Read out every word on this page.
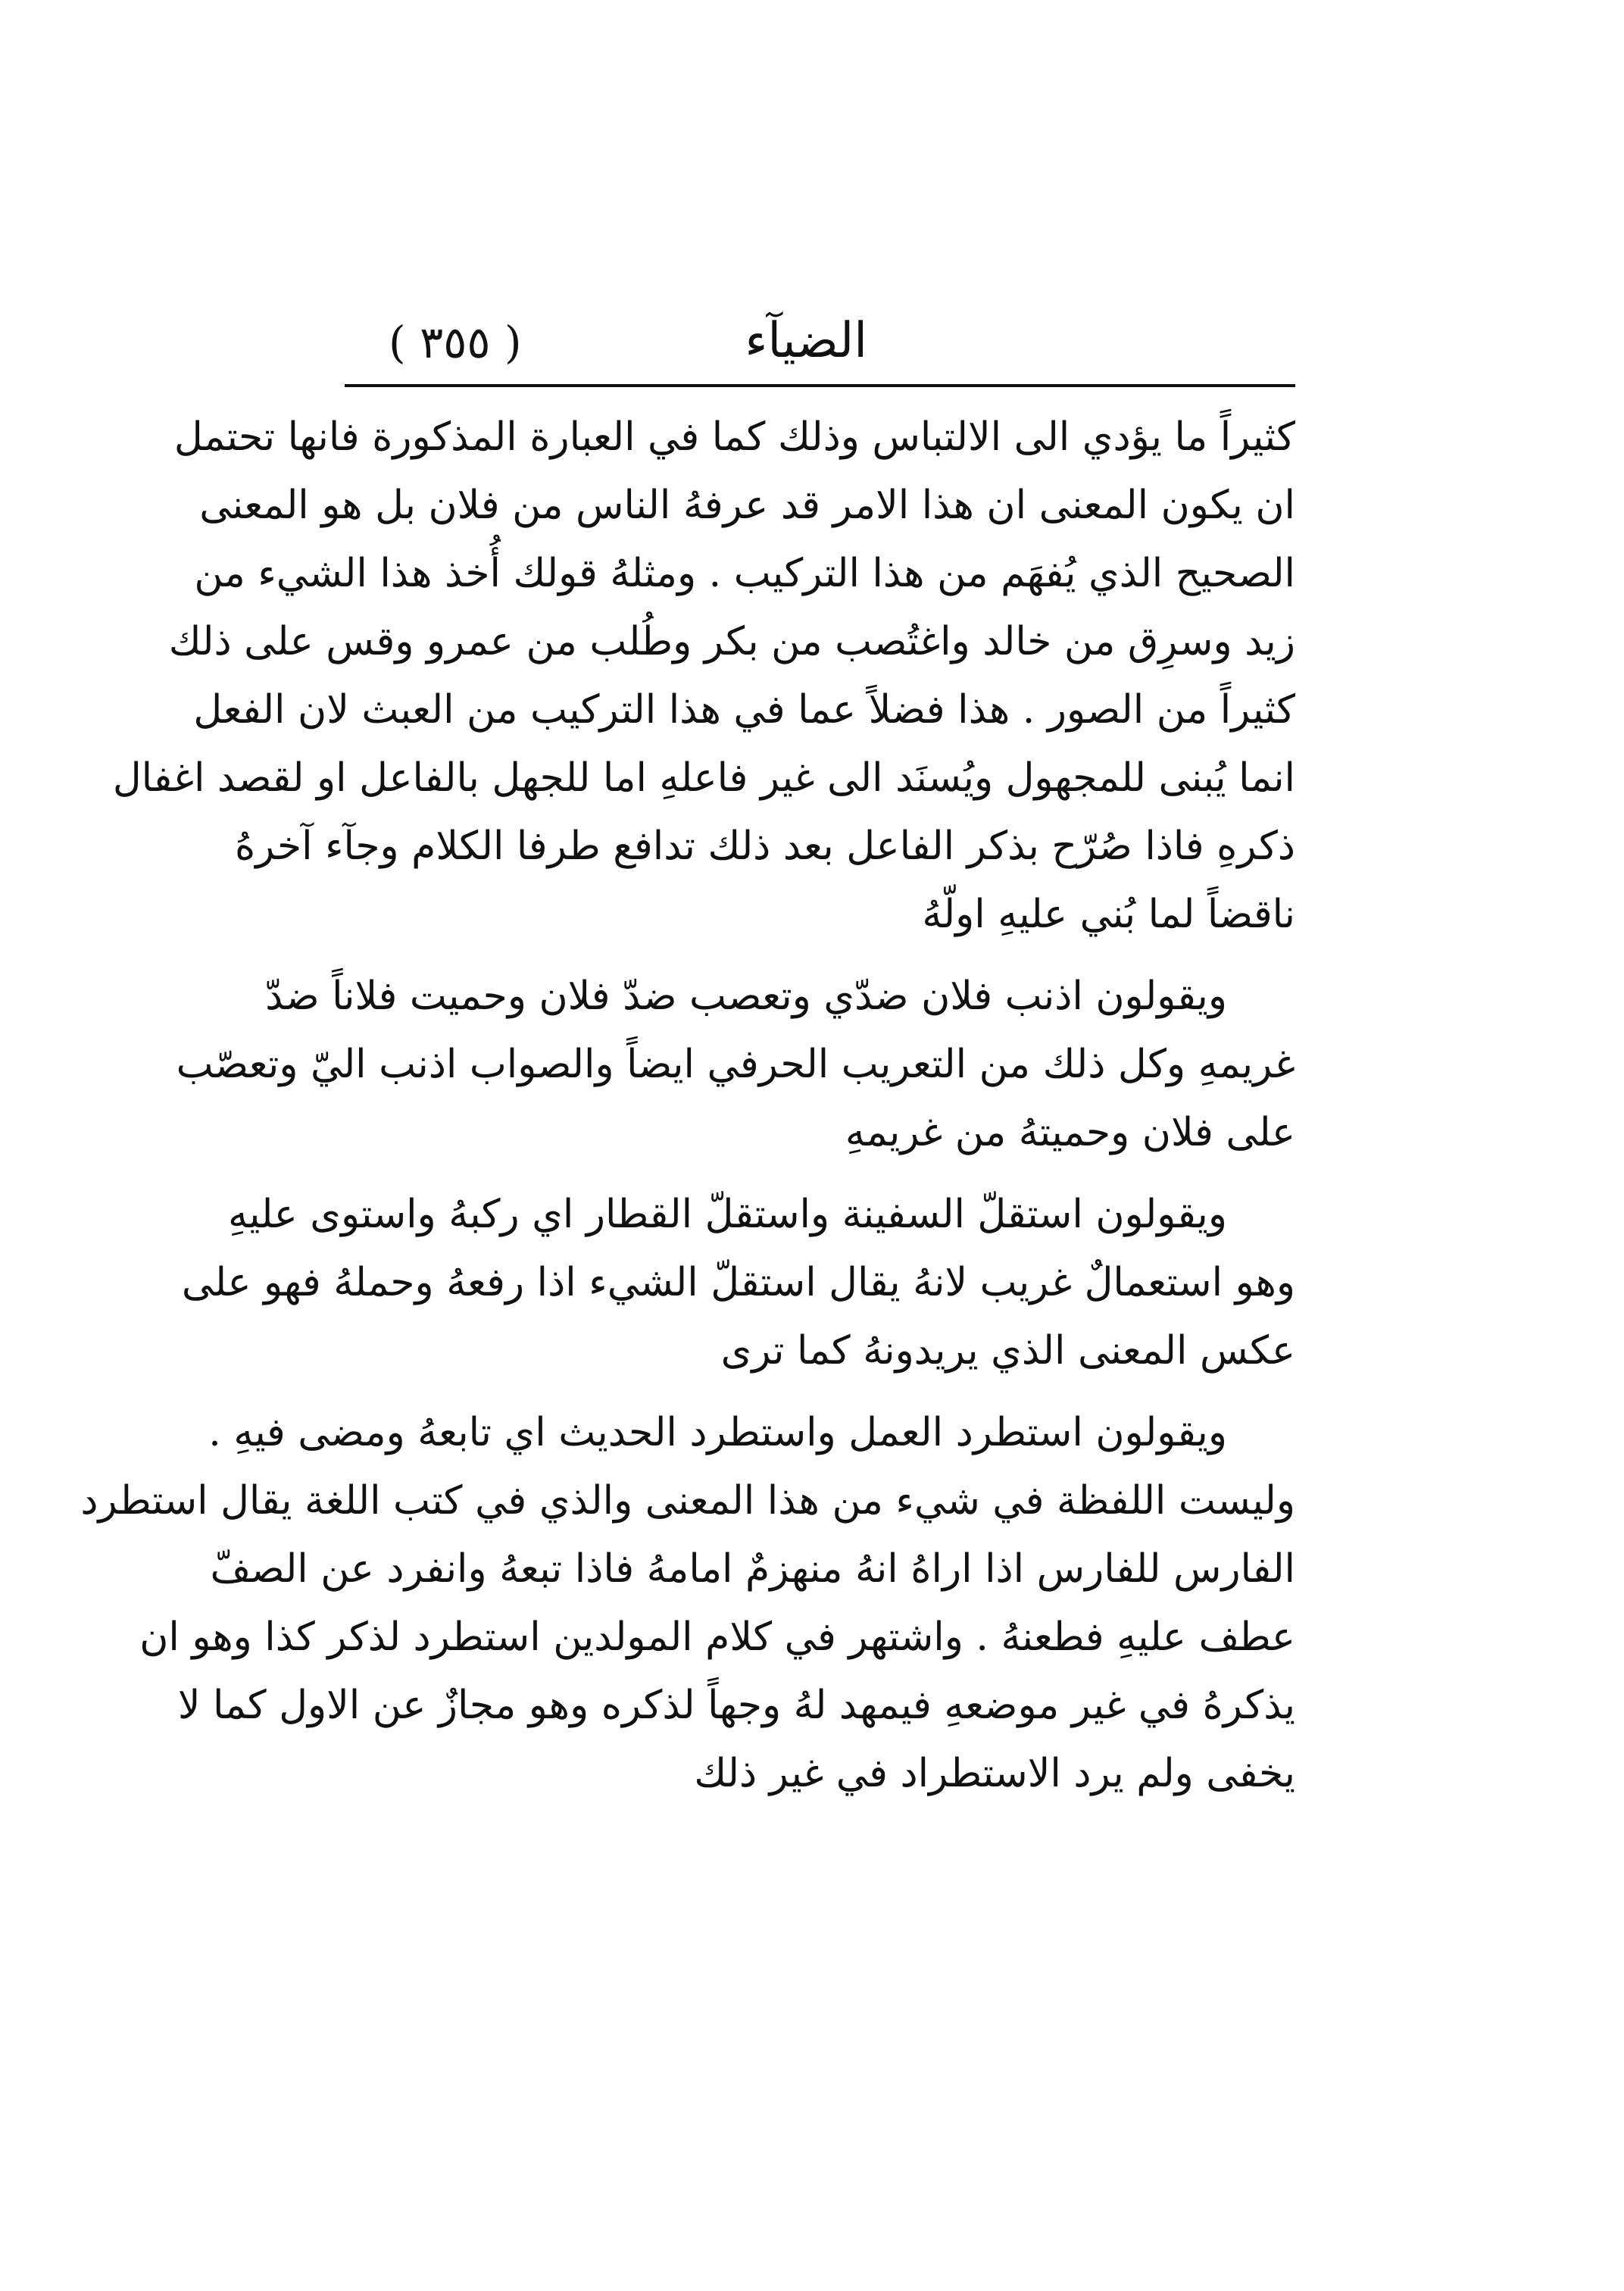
الضيآء
( ٣٥٥ )
كثيراً ما يؤدي الى الالتباس وذلك كما في العبارة المذكورة فانها تحتمل
ان يكون المعنى ان هذا الامر قد عرفهُ الناس من فلان بل هو المعنى
الصحيح الذي يُفهَم من هذا التركيب . ومثلهُ قولك أُخذ هذا الشيء من
زيد وسرِق من خالد واغتُصب من بكر وطُلب من عمرو وقس على ذلك
كثيراً من الصور . هذا فضلاً عما في هذا التركيب من العبث لان الفعل
انما يُبنى للمجهول ويُسنَد الى غير فاعلهِ اما للجهل بالفاعل او لقصد اغفال
ذكرهِ فاذا صُرّح بذكر الفاعل بعد ذلك تدافع طرفا الكلام وجآء آخرهُ
ناقضاً لما بُني عليهِ اولّهُ
ويقولون اذنب فلان ضدّي وتعصب ضدّ فلان وحميت فلاناً ضدّ
غريمهِ وكل ذلك من التعريب الحرفي ايضاً والصواب اذنب اليّ وتعصّب
على فلان وحميتهُ من غريمهِ
ويقولون استقلّ السفينة واستقلّ القطار اي ركبهُ واستوى عليهِ
وهو استعمالٌ غريب لانهُ يقال استقلّ الشيء اذا رفعهُ وحملهُ فهو على
عكس المعنى الذي يريدونهُ كما ترى
ويقولون استطرد العمل واستطرد الحديث اي تابعهُ ومضى فيهِ .
وليست اللفظة في شيء من هذا المعنى والذي في كتب اللغة يقال استطرد
الفارس للفارس اذا اراهُ انهُ منهزمٌ امامهُ فاذا تبعهُ وانفرد عن الصفّ
عطف عليهِ فطعنهُ . واشتهر في كلام المولدين استطرد لذكر كذا وهو ان
يذكرهُ في غير موضعهِ فيمهد لهُ وجهاً لذكره وهو مجازٌ عن الاول كما لا
يخفى ولم يرد الاستطراد في غير ذلك
